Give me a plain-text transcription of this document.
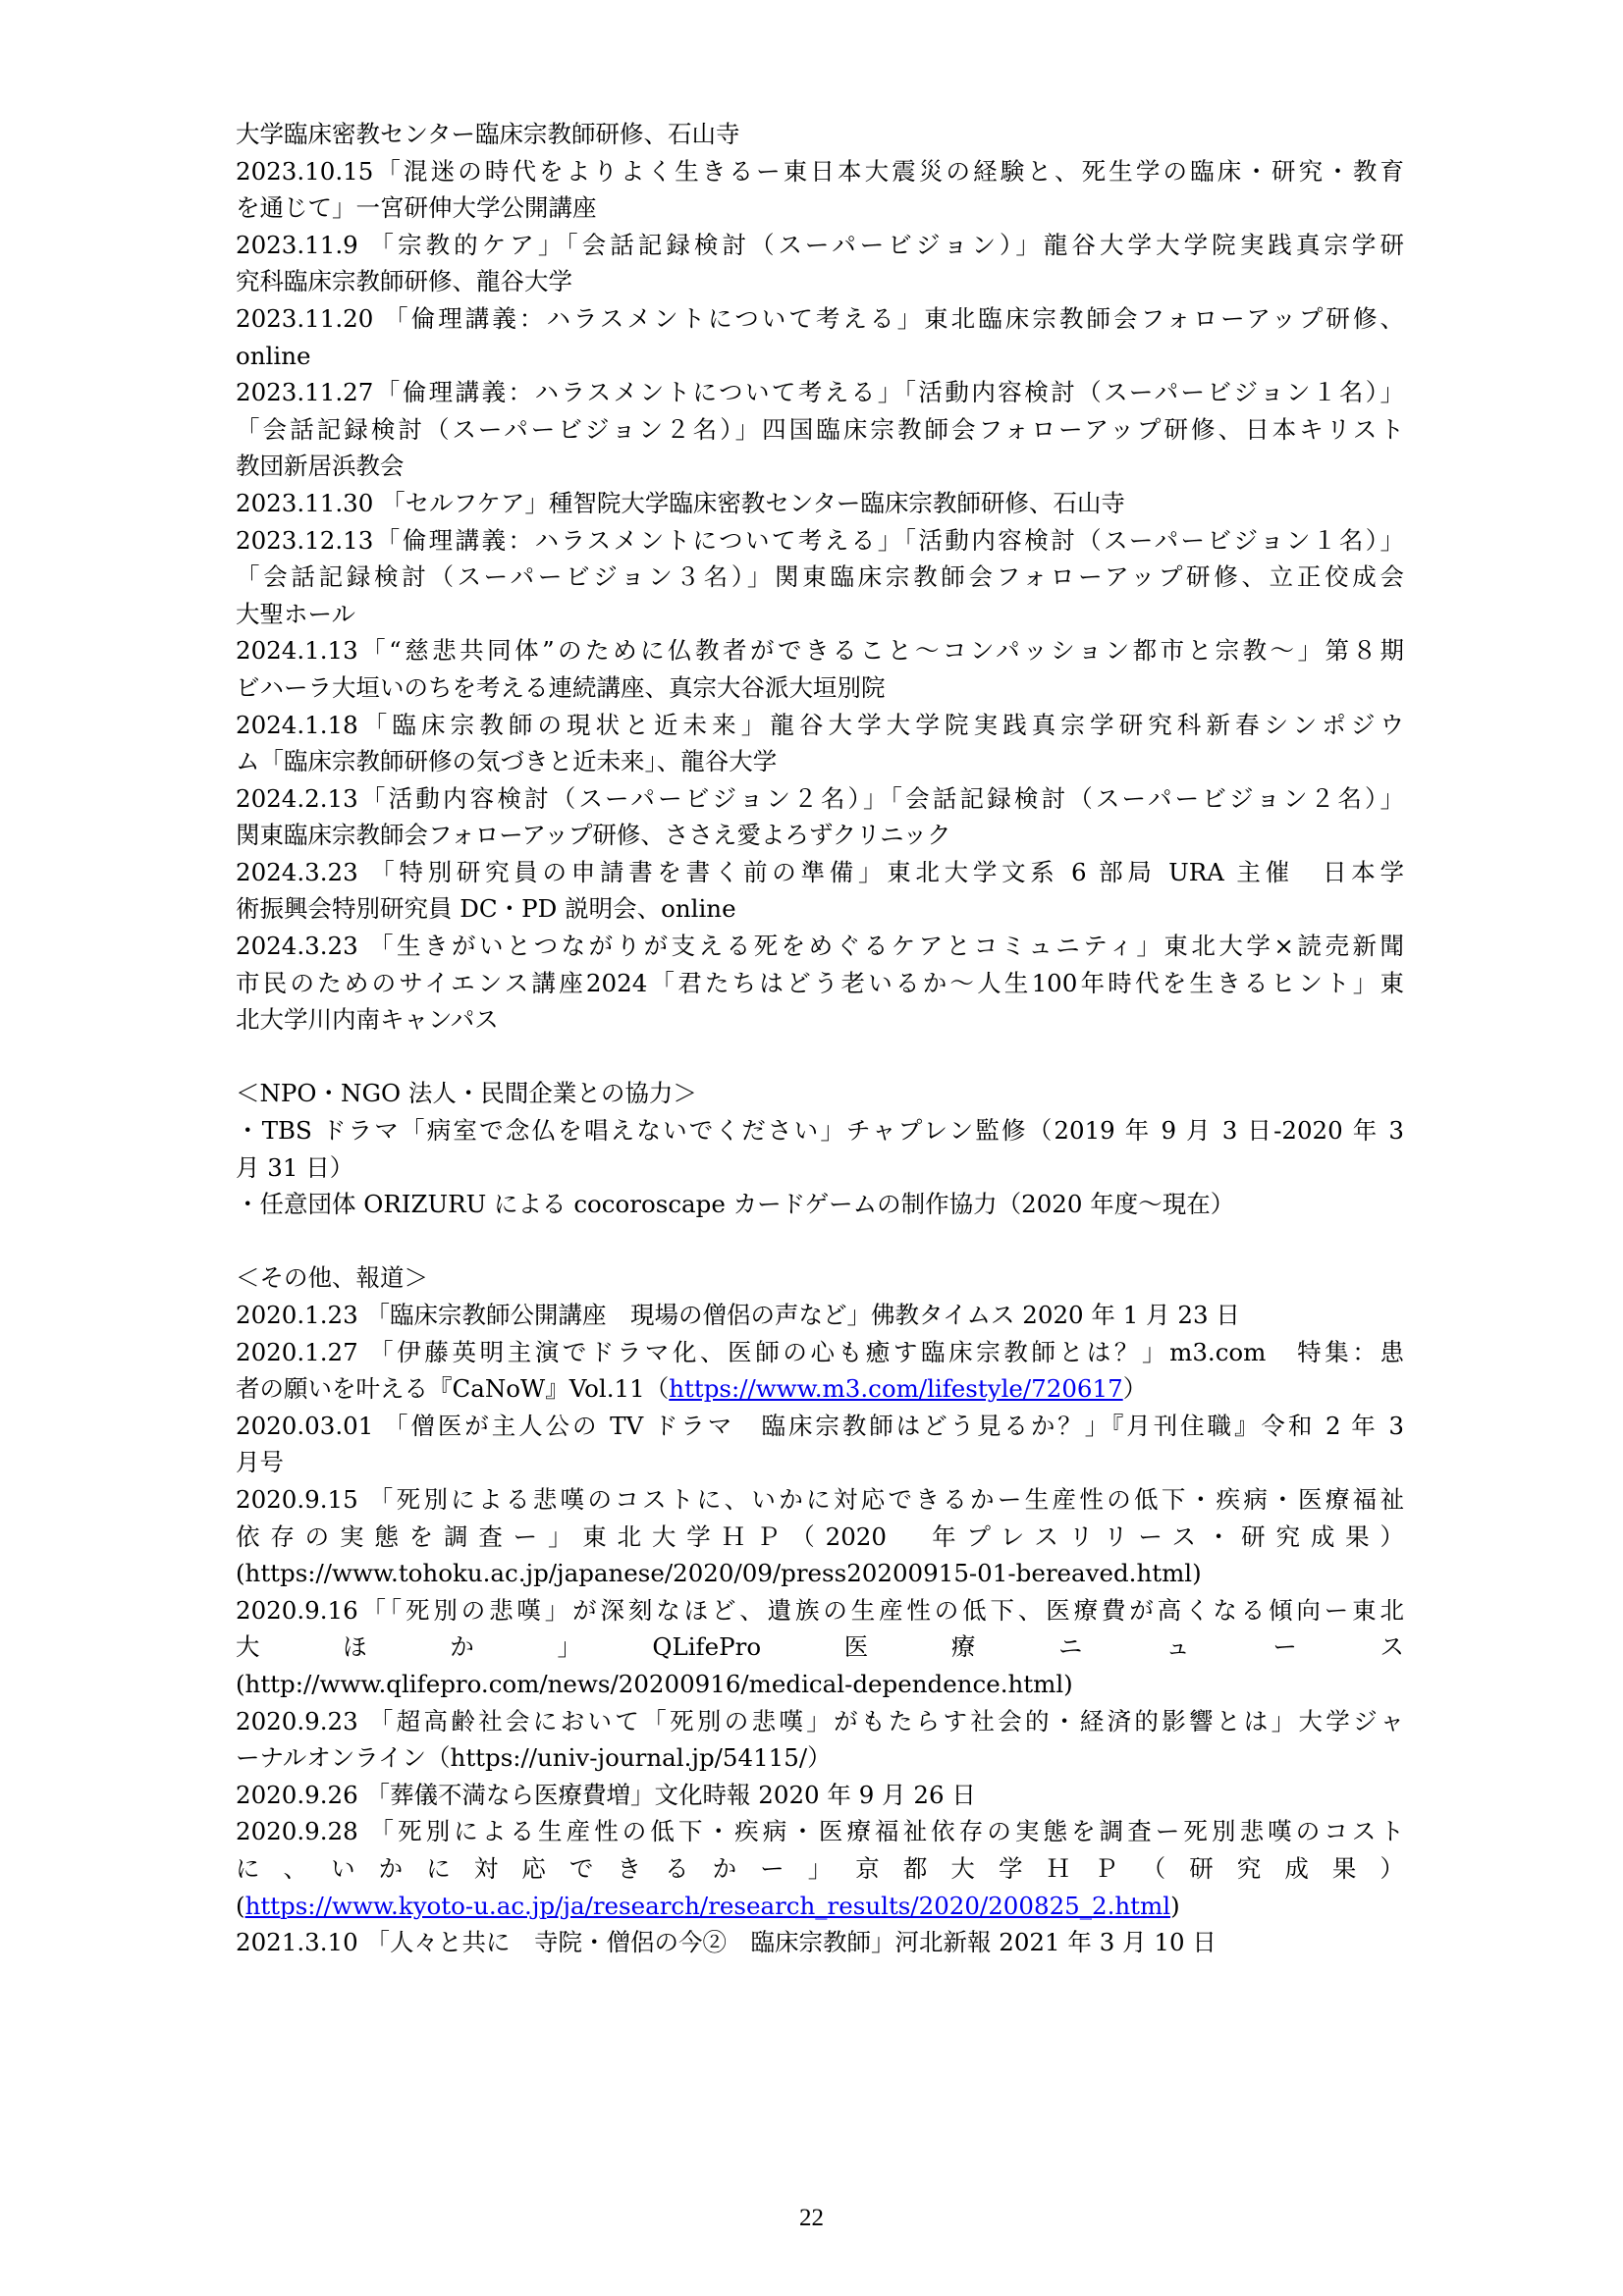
大学臨床密教センター臨床宗教師研修、石山寺
2023.10.15「混迷の時代をよりよく生きるー東日本大震災の経験と、死生学の臨床・研究・教育
を通じて」一宮研伸大学公開講座
2023.11.9 「宗教的ケア」「会話記録検討（スーパービジョン）」龍谷大学大学院実践真宗学研
究科臨床宗教師研修、龍谷大学
2023.11.20 「倫理講義：ハラスメントについて考える」東北臨床宗教師会フォローアップ研修、
online
2023.11.27「倫理講義：ハラスメントについて考える」「活動内容検討（スーパービジョン１名）」
「会話記録検討（スーパービジョン２名）」四国臨床宗教師会フォローアップ研修、日本キリスト
教団新居浜教会
2023.11.30 「セルフケア」種智院大学臨床密教センター臨床宗教師研修、石山寺
2023.12.13「倫理講義：ハラスメントについて考える」「活動内容検討（スーパービジョン１名）」
「会話記録検討（スーパービジョン３名）」関東臨床宗教師会フォローアップ研修、立正佼成会
大聖ホール
2024.1.13「“慈悲共同体”のために仏教者ができること〜コンパッション都市と宗教〜」第８期
ビハーラ大垣いのちを考える連続講座、真宗大谷派大垣別院
2024.1.18「臨床宗教師の現状と近未来」龍谷大学大学院実践真宗学研究科新春シンポジウ
ム「臨床宗教師研修の気づきと近未来」、龍谷大学
2024.2.13「活動内容検討（スーパービジョン２名）」「会話記録検討（スーパービジョン２名）」
関東臨床宗教師会フォローアップ研修、ささえ愛よろずクリニック
2024.3.23 「特別研究員の申請書を書く前の準備」東北大学文系 6 部局 URA 主催　日本学
術振興会特別研究員 DC・PD 説明会、online
2024.3.23 「生きがいとつながりが支える死をめぐるケアとコミュニティ」東北大学×読売新聞
市民のためのサイエンス講座2024「君たちはどう老いるか〜人生100年時代を生きるヒント」東
北大学川内南キャンパス
＜NPO・NGO 法人・民間企業との協力＞
・TBS ドラマ「病室で念仏を唱えないでください」チャプレン監修（2019 年 9 月 3 日-2020 年 3
月 31 日）
・任意団体 ORIZURU による cocoroscape カードゲームの制作協力（2020 年度〜現在）
＜その他、報道＞
2020.1.23 「臨床宗教師公開講座　現場の僧侶の声など」佛教タイムス 2020 年 1 月 23 日
2020.1.27 「伊藤英明主演でドラマ化、医師の心も癒す臨床宗教師とは？」m3.com　特集：患
者の願いを叶える『CaNoW』Vol.11（https://www.m3.com/lifestyle/720617）
2020.03.01 「僧医が主人公の TV ドラマ　臨床宗教師はどう見るか？」『月刊住職』令和 2 年 3
月号
2020.9.15 「死別による悲嘆のコストに、いかに対応できるかー生産性の低下・疾病・医療福祉
依存の実態を調査ー」東北大学ＨＰ（2020　年プレスリリース・研究成果）
(https://www.tohoku.ac.jp/japanese/2020/09/press20200915-01-bereaved.html)
2020.9.16「「死別の悲嘆」が深刻なほど、遺族の生産性の低下、医療費が高くなる傾向ー東北
大　ほ　か　」　QLifePro　医　療　ニ　ュ　ー　ス
(http://www.qlifepro.com/news/20200916/medical-dependence.html)
2020.9.23 「超高齢社会において「死別の悲嘆」がもたらす社会的・経済的影響とは」大学ジャ
ーナルオンライン（https://univ-journal.jp/54115/）
2020.9.26 「葬儀不満なら医療費増」文化時報 2020 年 9 月 26 日
2020.9.28 「死別による生産性の低下・疾病・医療福祉依存の実態を調査ー死別悲嘆のコスト
に、いかに対応できるかー」京都大学ＨＰ（研究成果）
(https://www.kyoto-u.ac.jp/ja/research/research_results/2020/200825_2.html)
2021.3.10 「人々と共に　寺院・僧侶の今②　臨床宗教師」河北新報 2021 年 3 月 10 日
22
